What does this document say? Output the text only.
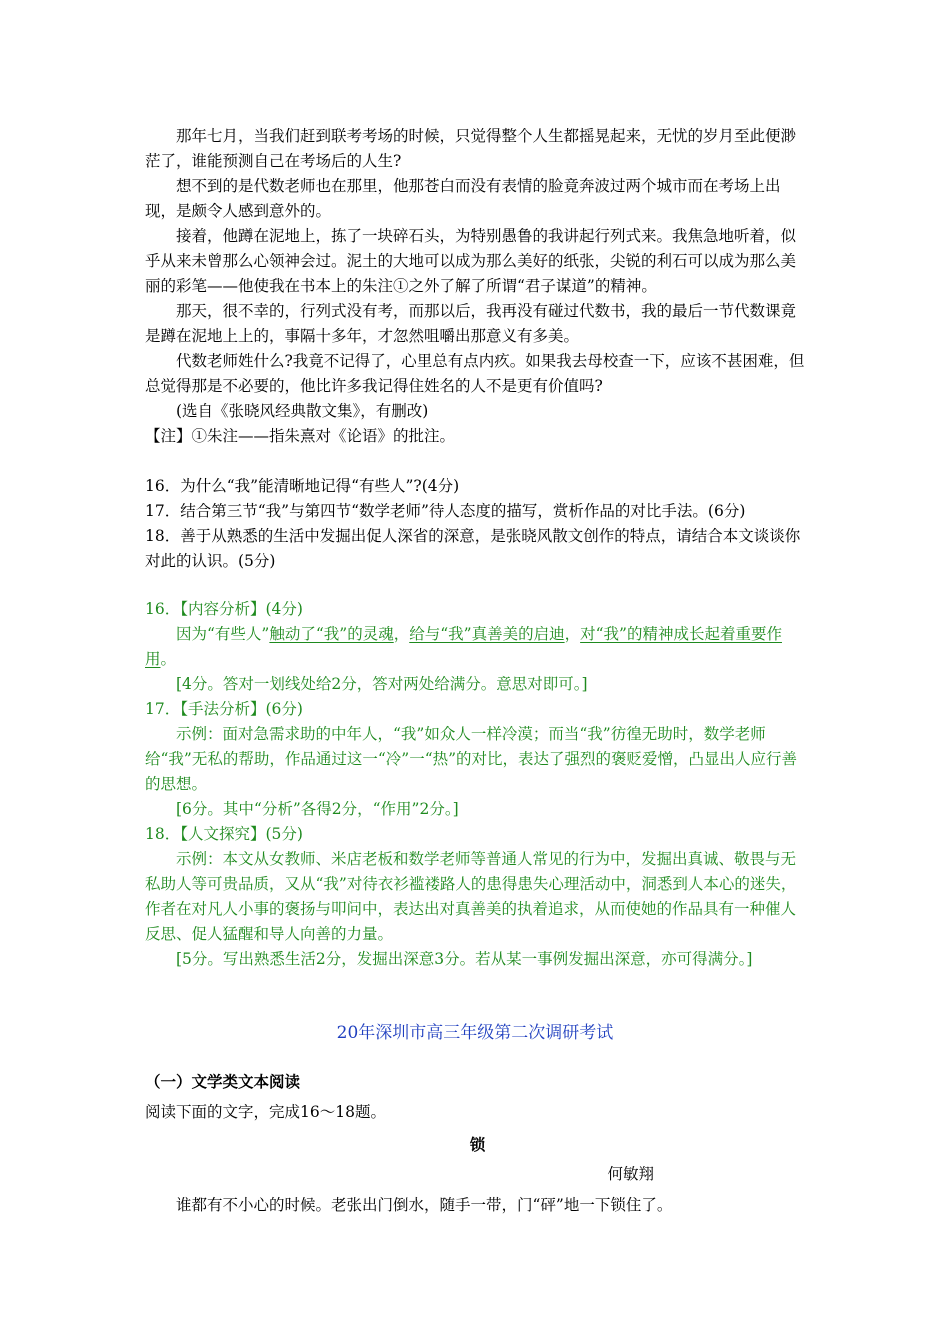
那年七月，当我们赶到联考考场的时候，只觉得整个人生都摇晃起来，无忧的岁月至此便渺茫了，谁能预测自己在考场后的人生?

想不到的是代数老师也在那里，他那苍白而没有表情的脸竟奔波过两个城市而在考场上出现，是颇令人感到意外的。

接着，他蹲在泥地上，拣了一块碎石头，为特别愚鲁的我讲起行列式来。我焦急地听着，似乎从来未曾那么心领神会过。泥土的大地可以成为那么美好的纸张，尖锐的利石可以成为那么美丽的彩笔——他使我在书本上的朱注①之外了解了所谓“君子谋道”的精神。

那天，很不幸的，行列式没有考，而那以后，我再没有碰过代数书，我的最后一节代数课竟是蹲在泥地上上的，事隔十多年，才忽然咀嚼出那意义有多美。

代数老师姓什么?我竟不记得了，心里总有点内疚。如果我去母校查一下，应该不甚困难，但总觉得那是不必要的，他比许多我记得住姓名的人不是更有价值吗?

(选自《张晓风经典散文集》，有删改)

【注】①朱注——指朱熹对《论语》的批注。

16．为什么“我”能清晰地记得“有些人”?(4分)

17．结合第三节“我”与第四节“数学老师”待人态度的描写，赏析作品的对比手法。(6分)

18．善于从熟悉的生活中发掘出促人深省的深意，是张晓风散文创作的特点，请结合本文谈谈你对此的认识。(5分)

16．【内容分析】(4分)

因为“有些人”触动了“我”的灵魂，给与“我”真善美的启迪，对“我”的精神成长起着重要作用。

[4分。答对一划线处给2分，答对两处给满分。意思对即可。]

17．【手法分析】(6分)

示例：面对急需求助的中年人，“我”如众人一样冷漠；而当“我”彷徨无助时，数学老师给“我”无私的帮助，作品通过这一“冷”一“热”的对比，表达了强烈的褒贬爱憎，凸显出人应行善的思想。

[6分。其中“分析”各得2分，“作用”2分。]

18．【人文探究】(5分)

示例：本文从女教师、米店老板和数学老师等普通人常见的行为中，发掘出真诚、敬畏与无私助人等可贵品质，又从“我”对待衣衫褴褛路人的患得患失心理活动中，洞悉到人本心的迷失，作者在对凡人小事的褒扬与叩问中，表达出对真善美的执着追求，从而使她的作品具有一种催人反思、促人猛醒和导人向善的力量。

[5分。写出熟悉生活2分，发掘出深意3分。若从某一事例发掘出深意，亦可得满分。]

20年深圳市高三年级第二次调研考试

（一）文学类文本阅读

阅读下面的文字，完成16～18题。

锁

何敏翔

谁都有不小心的时候。老张出门倒水，随手一带，门“砰”地一下锁住了。
